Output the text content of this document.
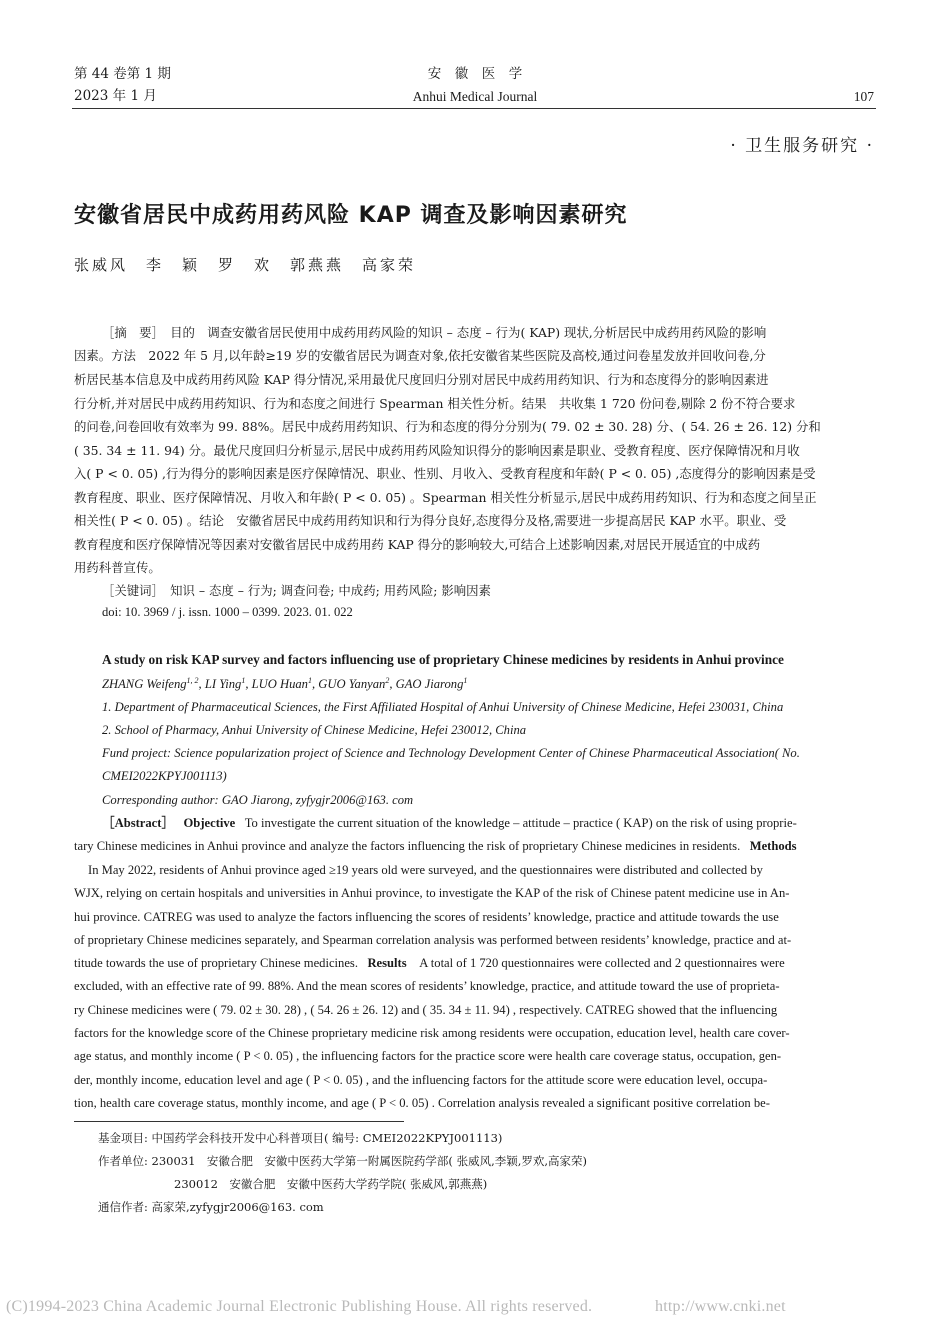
第 44 卷第 1 期
2023 年 1 月
安　徽　医　学
Anhui Medical Journal	107
· 卫生服务研究 ·
安徽省居民中成药用药风险 KAP 调查及影响因素研究
张威风　李　颖　罗　欢　郭燕燕　高家荣
［摘　要］　目的　调查安徽省居民使用中成药用药风险的知识 – 态度 – 行为( KAP) 现状,分析居民中成药用药风险的影响
因素。方法　2022 年 5 月,以年龄≥19 岁的安徽省居民为调查对象,依托安徽省某些医院及高校,通过问卷星发放并回收问卷,分
析居民基本信息及中成药用药风险 KAP 得分情况,采用最优尺度回归分别对居民中成药用药知识、行为和态度得分的影响因素进
行分析,并对居民中成药用药知识、行为和态度之间进行 Spearman 相关性分析。结果　共收集 1 720 份问卷,剔除 2 份不符合要求
的问卷,问卷回收有效率为 99. 88%。居民中成药用药知识、行为和态度的得分分别为( 79. 02 ± 30. 28) 分、( 54. 26 ± 26. 12) 分和
( 35. 34 ± 11. 94) 分。最优尺度回归分析显示,居民中成药用药风险知识得分的影响因素是职业、受教育程度、医疗保障情况和月收
入( P < 0. 05) ,行为得分的影响因素是医疗保障情况、职业、性别、月收入、受教育程度和年龄( P < 0. 05) ,态度得分的影响因素是受
教育程度、职业、医疗保障情况、月收入和年龄( P < 0. 05) 。Spearman 相关性分析显示,居民中成药用药知识、行为和态度之间呈正
相关性( P < 0. 05) 。结论　安徽省居民中成药用药知识和行为得分良好,态度得分及格,需要进一步提高居民 KAP 水平。职业、受
教育程度和医疗保障情况等因素对安徽省居民中成药用药 KAP 得分的影响较大,可结合上述影响因素,对居民开展适宜的中成药
用药科普宣传。
［关键词］　知识 – 态度 – 行为; 调查问卷; 中成药; 用药风险; 影响因素
doi: 10. 3969 / j. issn. 1000 – 0399. 2023. 01. 022
A study on risk KAP survey and factors influencing use of proprietary Chinese medicines by residents in Anhui province
ZHANG Weifeng$^{1, 2}$, LI Ying$^1$, LUO Huan$^1$, GUO Yanyan$^2$, GAO Jiarong$^1$
1. Department of Pharmaceutical Sciences, the First Affiliated Hospital of Anhui University of Chinese Medicine, Hefei 230031, China
2. School of Pharmacy, Anhui University of Chinese Medicine, Hefei 230012, China
Fund project: Science popularization project of Science and Technology Development Center of Chinese Pharmaceutical Association( No.
CMEI2022KPYJ001113)
Corresponding author: GAO Jiarong, zyfygjr2006@163. com
［Abstract］ Objective To investigate the current situation of the knowledge – attitude – practice ( KAP) on the risk of using proprie-
tary Chinese medicines in Anhui province and analyze the factors influencing the risk of proprietary Chinese medicines in residents. Methods
In May 2022, residents of Anhui province aged ≥19 years old were surveyed, and the questionnaires were distributed and collected by
WJX, relying on certain hospitals and universities in Anhui province, to investigate the KAP of the risk of Chinese patent medicine use in An-
hui province. CATREG was used to analyze the factors influencing the scores of residents’ knowledge, practice and attitude towards the use
of proprietary Chinese medicines separately, and Spearman correlation analysis was performed between residents’ knowledge, practice and at-
titude towards the use of proprietary Chinese medicines. Results A total of 1 720 questionnaires were collected and 2 questionnaires were
excluded, with an effective rate of 99. 88%. And the mean scores of residents’ knowledge, practice, and attitude toward the use of proprieta-
ry Chinese medicines were ( 79. 02 ± 30. 28) , ( 54. 26 ± 26. 12) and ( 35. 34 ± 11. 94) , respectively. CATREG showed that the influencing
factors for the knowledge score of the Chinese proprietary medicine risk among residents were occupation, education level, health care cover-
age status, and monthly income ( P < 0. 05) , the influencing factors for the practice score were health care coverage status, occupation, gen-
der, monthly income, education level and age ( P < 0. 05) , and the influencing factors for the attitude score were education level, occupa-
tion, health care coverage status, monthly income, and age ( P < 0. 05) . Correlation analysis revealed a significant positive correlation be-
基金项目: 中国药学会科技开发中心科普项目( 编号: CMEI2022KPYJ001113)
作者单位: 230031　安徽合肥　安徽中医药大学第一附属医院药学部( 张威风,李颖,罗欢,高家荣)
230012　安徽合肥　安徽中医药大学药学院( 张威风,郭燕燕)
通信作者: 高家荣,zyfygjr2006@163. com
(C)1994-2023 China Academic Journal Electronic Publishing House. All rights reserved.	http://www.cnki.net
